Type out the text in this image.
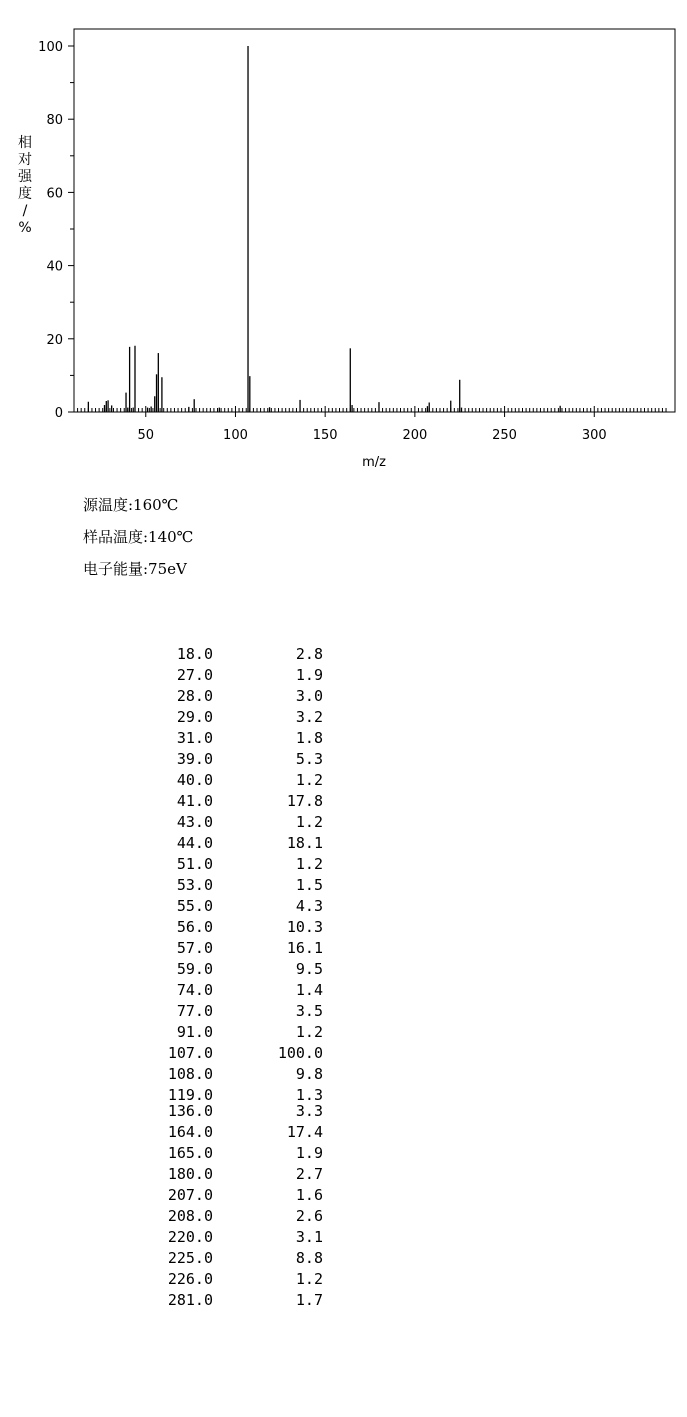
50	100	150	200	250	300
0
20
40
60
80
100
m/z
相
对
强
度
/
%
源温度:160℃
样品温度:140℃
电子能量:75eV
18.0	2.8
27.0	1.9
28.0	3.0
29.0	3.2
31.0	1.8
39.0	5.3
40.0	1.2
41.0	17.8
43.0	1.2
44.0	18.1
51.0	1.2
53.0	1.5
55.0	4.3
56.0	10.3
57.0	16.1
59.0	9.5
74.0	1.4
77.0	3.5
91.0	1.2
107.0	100.0
108.0	9.8
119.0	1.3
136.0	3.3
164.0	17.4
165.0	1.9
180.0	2.7
207.0	1.6
208.0	2.6
220.0	3.1
225.0	8.8
226.0	1.2
281.0	1.7
